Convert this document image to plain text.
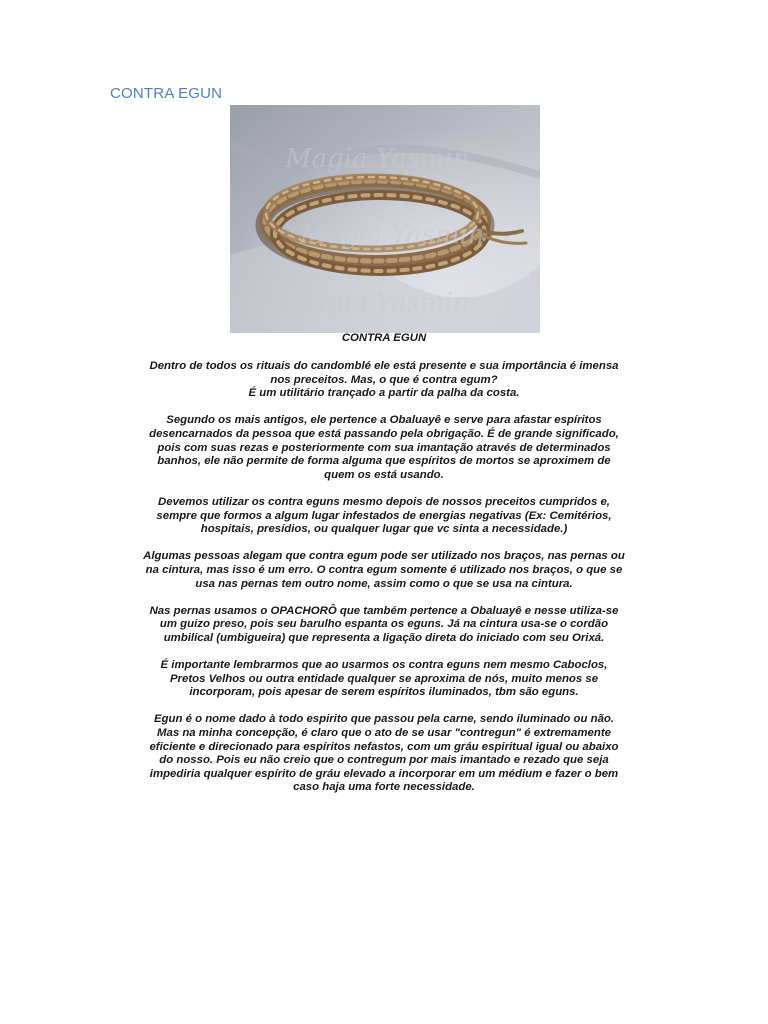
CONTRA EGUN
Magia Yasmin
Magia Yasmin
Magia Yasmin
CONTRA EGUN

Dentro de todos os rituais do candomblé ele está presente e sua importância é imensa
nos preceitos. Mas, o que é contra egum?
É um utilitário trançado a partir da palha da costa.

Segundo os mais antigos, ele pertence a Obaluayê e serve para afastar espíritos
desencarnados da pessoa que está passando pela obrigação. É de grande significado,
pois com suas rezas e posteriormente com sua imantação através de determinados
banhos, ele não permite de forma alguma que espíritos de mortos se aproximem de
quem os está usando.

Devemos utilizar os contra eguns mesmo depois de nossos preceitos cumpridos e,
sempre que formos a algum lugar infestados de energias negativas (Ex: Cemitérios,
hospitais, presídios, ou qualquer lugar que vc sinta a necessidade.)

Algumas pessoas alegam que contra egum pode ser utilizado nos braços, nas pernas ou
na cintura, mas isso é um erro. O contra egum somente é utilizado nos braços, o que se
usa nas pernas tem outro nome, assim como o que se usa na cintura.

Nas pernas usamos o OPACHORÔ que também pertence a Obaluayê e nesse utiliza-se
um guizo preso, pois seu barulho espanta os eguns. Já na cintura usa-se o cordão
umbilical (umbigueira) que representa a ligação direta do iniciado com seu Orixá.

É importante lembrarmos que ao usarmos os contra eguns nem mesmo Caboclos,
Pretos Velhos ou outra entidade qualquer se aproxima de nós, muito menos se
incorporam, pois apesar de serem espíritos iluminados, tbm são eguns.

Egun é o nome dado à todo espirito que passou pela carne, sendo iluminado ou não.
Mas na minha concepção, é claro que o ato de se usar "contregun" é extremamente
eficiente e direcionado para espíritos nefastos, com um gráu espiritual igual ou abaixo
do nosso. Pois eu não creio que o contregum por mais imantado e rezado que seja
impediria qualquer espírito de gráu elevado a incorporar em um médium e fazer o bem
caso haja uma forte necessidade.
